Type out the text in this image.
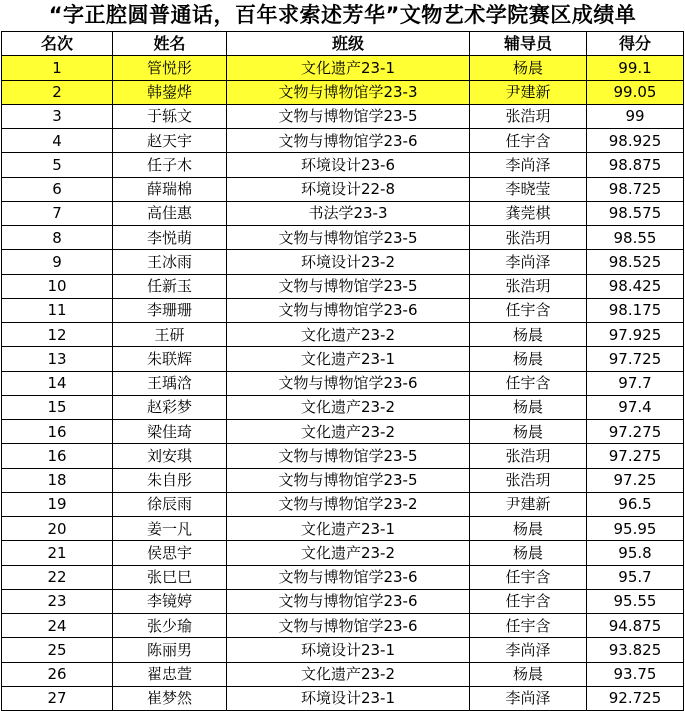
“字正腔圆普通话，百年求索述芳华”文物艺术学院赛区成绩单
名次	姓名	班级	辅导员	得分
1	管悦彤	文化遗产23-1	杨晨	99.1
2	韩鋆烨	文物与博物馆学23-3	尹建新	99.05
3	于轹文	文物与博物馆学23-5	张浩玥	99
4	赵天宇	文物与博物馆学23-6	任宇含	98.925
5	任子木	环境设计23-6	李尚泽	98.875
6	薛瑞棉	环境设计22-8	李晓莹	98.725
7	高佳惠	书法学23-3	龚莞棋	98.575
8	李悦萌	文物与博物馆学23-5	张浩玥	98.55
9	王冰雨	环境设计23-2	李尚泽	98.525
10	任新玉	文物与博物馆学23-5	张浩玥	98.425
11	李珊珊	文物与博物馆学23-6	任宇含	98.175
12	王研	文化遗产23-2	杨晨	97.925
13	朱联辉	文化遗产23-1	杨晨	97.725
14	王瑀浛	文物与博物馆学23-6	任宇含	97.7
15	赵彩梦	文化遗产23-2	杨晨	97.4
16	梁佳琦	文化遗产23-2	杨晨	97.275
16	刘安琪	文物与博物馆学23-5	张浩玥	97.275
18	朱自彤	文物与博物馆学23-5	张浩玥	97.25
19	徐辰雨	文物与博物馆学23-2	尹建新	96.5
20	姜一凡	文化遗产23-1	杨晨	95.95
21	侯思宇	文化遗产23-2	杨晨	95.8
22	张巳巳	文物与博物馆学23-6	任宇含	95.7
23	李镜婷	文物与博物馆学23-6	任宇含	95.55
24	张少瑜	文物与博物馆学23-6	任宇含	94.875
25	陈丽男	环境设计23-1	李尚泽	93.825
26	翟忠萱	文化遗产23-2	杨晨	93.75
27	崔梦然	环境设计23-1	李尚泽	92.725
